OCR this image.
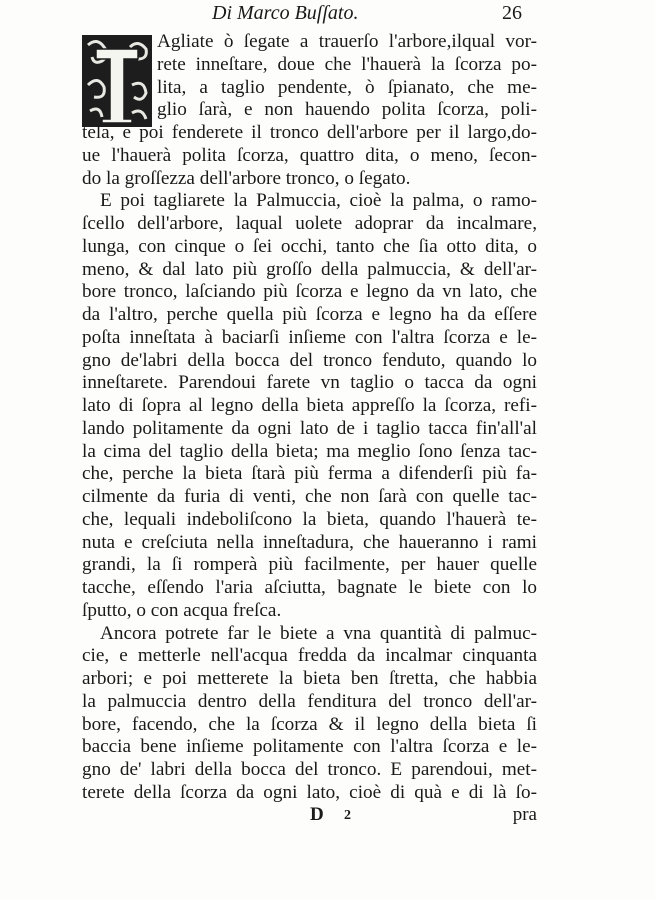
Di Marco Buſſato.	26
Agliate ò ſegate a trauerſo l'arbore,ilqual vor-
rete inneſtare, doue che l'hauerà la ſcorza po-
lita, a taglio pendente, ò ſpianato, che me-
glio ſarà, e non hauendo polita ſcorza, poli-
tela, e poi fenderete il tronco dell'arbore per il largo,do-
ue l'hauerà polita ſcorza, quattro dita, o meno, ſecon-
do la groſſezza dell'arbore tronco, o ſegato.
E poi tagliarete la Palmuccia, cioè la palma, o ramo-
ſcello dell'arbore, laqual uolete adoprar da incalmare,
lunga, con cinque o ſei occhi, tanto che ſia otto dita, o
meno, & dal lato più groſſo della palmuccia, & dell'ar-
bore tronco, laſciando più ſcorza e legno da vn lato, che
da l'altro, perche quella più ſcorza e legno ha da eſſere
poſta inneſtata à baciarſi inſieme con l'altra ſcorza e le-
gno de'labri della bocca del tronco fenduto, quando lo
inneſtarete. Parendoui farete vn taglio o tacca da ogni
lato di ſopra al legno della bieta appreſſo la ſcorza, refi-
lando politamente da ogni lato de i taglio tacca fin'all'al
la cima del taglio della bieta; ma meglio ſono ſenza tac-
che, perche la bieta ſtarà più ferma a difenderſi più fa-
cilmente da furia di venti, che non ſarà con quelle tac-
che, lequali indeboliſcono la bieta, quando l'hauerà te-
nuta e creſciuta nella inneſtadura, che haueranno i rami
grandi, la ſi romperà più facilmente, per hauer quelle
tacche, eſſendo l'aria aſciutta, bagnate le biete con lo
ſputto, o con acqua freſca.
Ancora potrete far le biete a vna quantità di palmuc-
cie, e metterle nell'acqua fredda da incalmar cinquanta
arbori; e poi metterete la bieta ben ſtretta, che habbia
la palmuccia dentro della fenditura del tronco dell'ar-
bore, facendo, che la ſcorza & il legno della bieta ſi
baccia bene inſieme politamente con l'altra ſcorza e le-
gno de' labri della bocca del tronco. E parendoui, met-
terete della ſcorza da ogni lato, cioè di quà e di là ſo-
D 2	pra
